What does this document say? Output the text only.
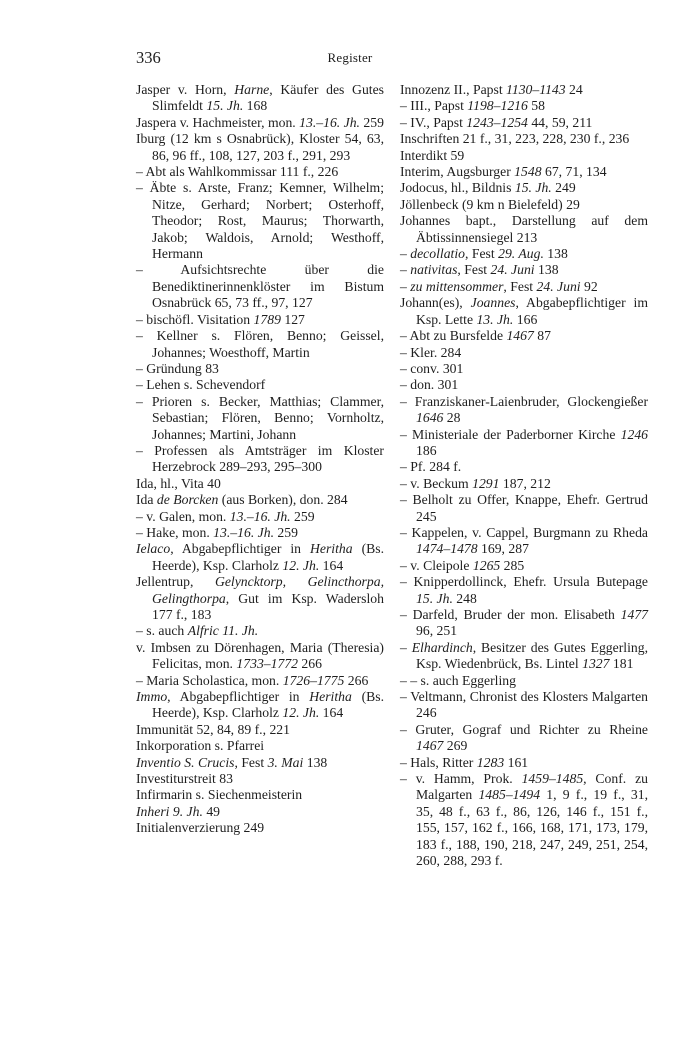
336	Register
Jasper v. Horn, Harne, Käufer des Gutes Slimfeldt 15. Jh. 168
Jaspera v. Hachmeister, mon. 13.–16. Jh. 259
Iburg (12 km s Osnabrück), Kloster 54, 63, 86, 96 ff., 108, 127, 203 f., 291, 293
– Abt als Wahlkommissar 111 f., 226
– Äbte s. Arste, Franz; Kemner, Wilhelm; Nitze, Gerhard; Norbert; Osterhoff, Theodor; Rost, Maurus; Thorwarth, Jakob; Waldois, Arnold; Westhoff, Hermann
– Aufsichtsrechte über die Benediktinerinnenklöster im Bistum Osnabrück 65, 73 ff., 97, 127
– bischöfl. Visitation 1789 127
– Kellner s. Flören, Benno; Geissel, Johannes; Woesthoff, Martin
– Gründung 83
– Lehen s. Schevendorf
– Prioren s. Becker, Matthias; Clammer, Sebastian; Flören, Benno; Vornholtz, Johannes; Martini, Johann
– Professen als Amtsträger im Kloster Herzebrock 289–293, 295–300
Ida, hl., Vita 40
Ida de Borcken (aus Borken), don. 284
– v. Galen, mon. 13.–16. Jh. 259
– Hake, mon. 13.–16. Jh. 259
Ielaco, Abgabepflichtiger in Heritha (Bs. Heerde), Ksp. Clarholz 12. Jh. 164
Jellentrup, Gelyncktorp, Gelincthorpa, Gelingthorpa, Gut im Ksp. Wadersloh 177 f., 183
– s. auch Alfric 11. Jh.
v. Imbsen zu Dörenhagen, Maria (Theresia) Felicitas, mon. 1733–1772 266
– Maria Scholastica, mon. 1726–1775 266
Immo, Abgabepflichtiger in Heritha (Bs. Heerde), Ksp. Clarholz 12. Jh. 164
Immunität 52, 84, 89 f., 221
Inkorporation s. Pfarrei
Inventio S. Crucis, Fest 3. Mai 138
Investiturstreit 83
Infirmarin s. Siechenmeisterin
Inheri 9. Jh. 49
Initialenverzierung 249
Innozenz II., Papst 1130–1143 24
– III., Papst 1198–1216 58
– IV., Papst 1243–1254 44, 59, 211
Inschriften 21 f., 31, 223, 228, 230 f., 236
Interdikt 59
Interim, Augsburger 1548 67, 71, 134
Jodocus, hl., Bildnis 15. Jh. 249
Jöllenbeck (9 km n Bielefeld) 29
Johannes bapt., Darstellung auf dem Äbtissinnensiegel 213
– decollatio, Fest 29. Aug. 138
– nativitas, Fest 24. Juni 138
– zu mittensommer, Fest 24. Juni 92
Johann(es), Joannes, Abgabepflichtiger im Ksp. Lette 13. Jh. 166
– Abt zu Bursfelde 1467 87
– Kler. 284
– conv. 301
– don. 301
– Franziskaner-Laienbruder, Glockengießer 1646 28
– Ministeriale der Paderborner Kirche 1246 186
– Pf. 284 f.
– v. Beckum 1291 187, 212
– Belholt zu Offer, Knappe, Ehefr. Gertrud 245
– Kappelen, v. Cappel, Burgmann zu Rheda 1474–1478 169, 287
– v. Cleipole 1265 285
– Knipperdollinck, Ehefr. Ursula Butepage 15. Jh. 248
– Darfeld, Bruder der mon. Elisabeth 1477 96, 251
– Elhardinch, Besitzer des Gutes Eggerling, Ksp. Wiedenbrück, Bs. Lintel 1327 181
– – s. auch Eggerling
– Veltmann, Chronist des Klosters Malgarten 246
– Gruter, Gograf und Richter zu Rheine 1467 269
– Hals, Ritter 1283 161
– v. Hamm, Prok. 1459–1485, Conf. zu Malgarten 1485–1494 1, 9 f., 19 f., 31, 35, 48 f., 63 f., 86, 126, 146 f., 151 f., 155, 157, 162 f., 166, 168, 171, 173, 179, 183 f., 188, 190, 218, 247, 249, 251, 254, 260, 288, 293 f.
